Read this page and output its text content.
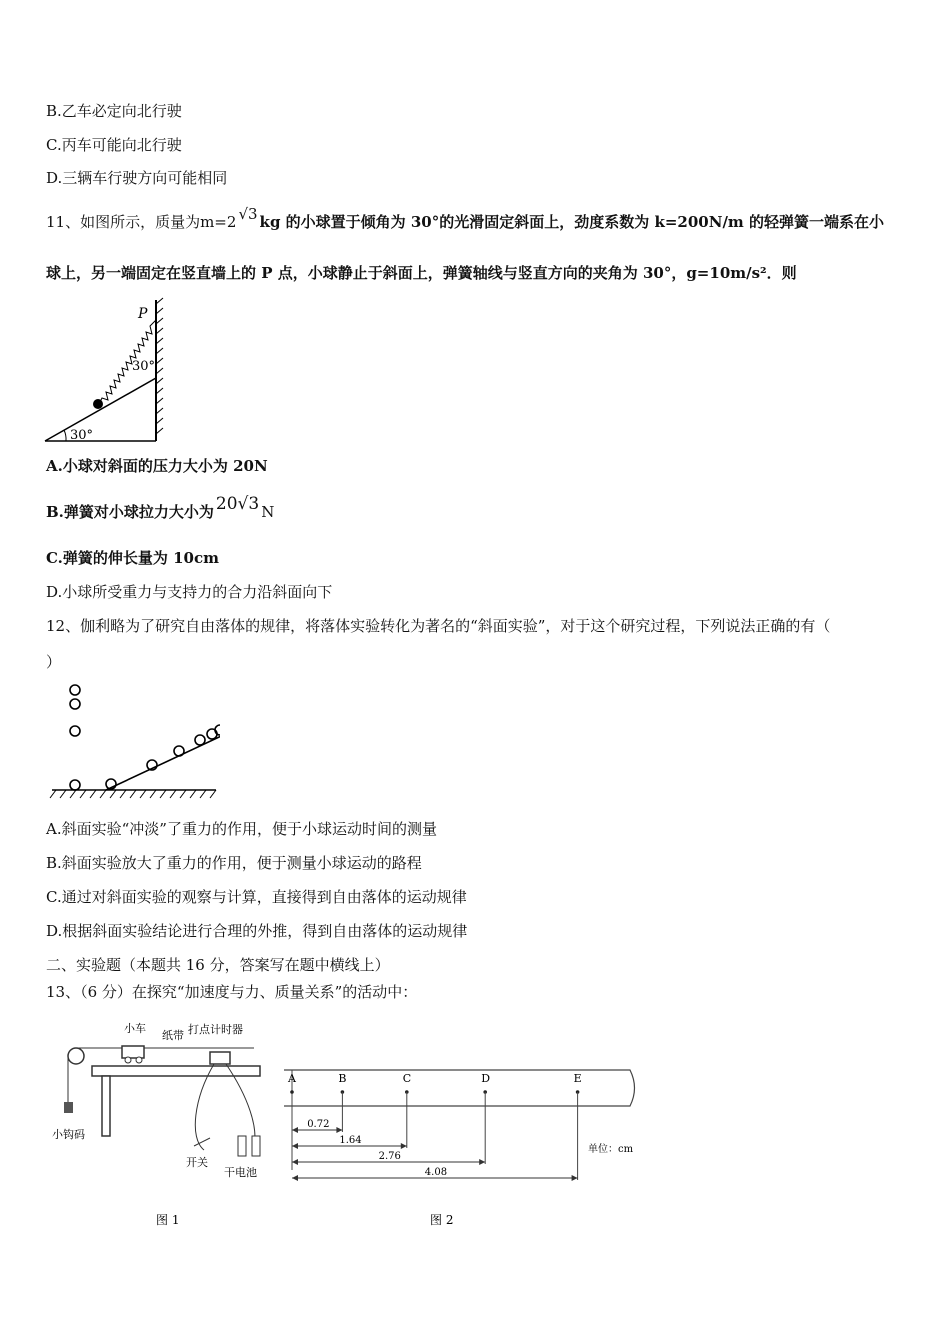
B.乙车必定向北行驶
C.丙车可能向北行驶
D.三辆车行驶方向可能相同
11、如图所示，质量为m=2 √3 kg 的小球置于倾角为 30°的光滑固定斜面上，劲度系数为 k=200N/m 的轻弹簧一端系在小
球上，另一端固定在竖直墙上的 P 点，小球静止于斜面上，弹簧轴线与竖直方向的夹角为 30°，g=10m/s²．则
P
30°
30°
A.小球对斜面的压力大小为 20N
B.弹簧对小球拉力大小为 20√3 N
C.弹簧的伸长量为 10cm
D.小球所受重力与支持力的合力沿斜面向下
12、伽利略为了研究自由落体的规律，将落体实验转化为著名的“斜面实验”，对于这个研究过程，下列说法正确的有（
）
A.斜面实验“冲淡”了重力的作用，便于小球运动时间的测量
B.斜面实验放大了重力的作用，便于测量小球运动的路程
C.通过对斜面实验的观察与计算，直接得到自由落体的运动规律
D.根据斜面实验结论进行合理的外推，得到自由落体的运动规律
二、实验题（本题共 16 分，答案写在题中横线上）
13、（6 分）在探究“加速度与力、质量关系”的活动中：
小车
纸带 打点计时器
小钩码
开关
干电池
图 1
A	B	C	D	E
0.72
1.64
2.76
4.08
单位：cm
图 2
